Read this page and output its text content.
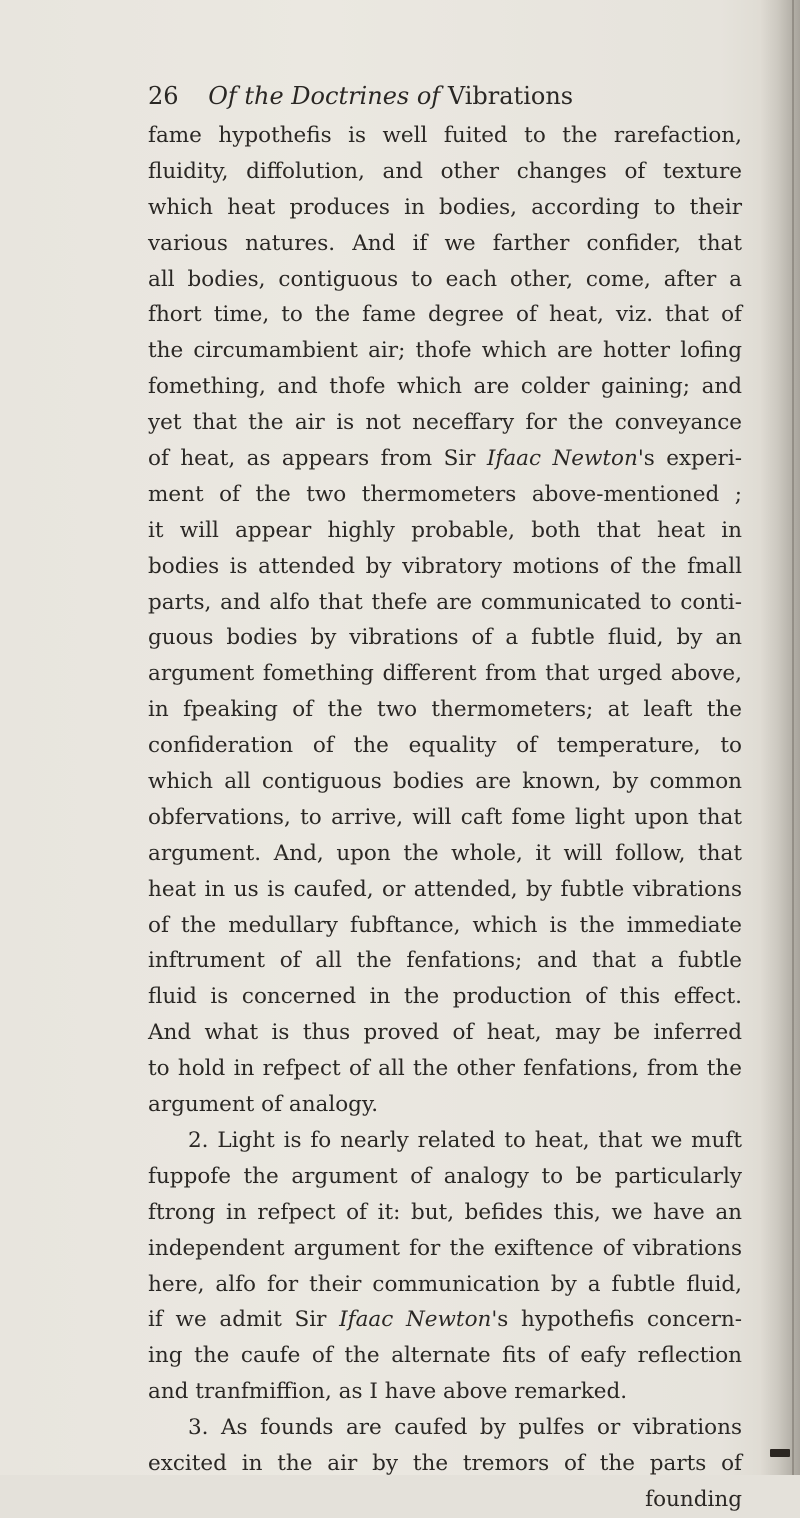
26 Of the Doctrines of Vibrations
fame hypothefis is well fuited to the rarefaction,
fluidity, diffolution, and other changes of texture
which heat produces in bodies, according to their
various natures. And if we farther confider, that
all bodies, contiguous to each other, come, after a
fhort time, to the fame degree of heat, viz. that of
the circumambient air; thofe which are hotter lofing
fomething, and thofe which are colder gaining; and
yet that the air is not neceffary for the conveyance
of heat, as appears from Sir Ifaac Newton's experi-
ment of the two thermometers above-mentioned ;
it will appear highly probable, both that heat in
bodies is attended by vibratory motions of the fmall
parts, and alfo that thefe are communicated to conti-
guous bodies by vibrations of a fubtle fluid, by an
argument fomething different from that urged above,
in fpeaking of the two thermometers; at leaft the
confideration of the equality of temperature, to
which all contiguous bodies are known, by common
obfervations, to arrive, will caft fome light upon that
argument. And, upon the whole, it will follow, that
heat in us is caufed, or attended, by fubtle vibrations
of the medullary fubftance, which is the immediate
inftrument of all the fenfations; and that a fubtle
fluid is concerned in the production of this effect.
And what is thus proved of heat, may be inferred
to hold in refpect of all the other fenfations, from the
argument of analogy.
2. Light is fo nearly related to heat, that we muft
fuppofe the argument of analogy to be particularly
ftrong in refpect of it: but, befides this, we have an
independent argument for the exiftence of vibrations
here, alfo for their communication by a fubtle fluid,
if we admit Sir Ifaac Newton's hypothefis concern-
ing the caufe of the alternate fits of eafy reflection
and tranfmiffion, as I have above remarked.
3. As founds are caufed by pulfes or vibrations
excited in the air by the tremors of the parts of
founding
